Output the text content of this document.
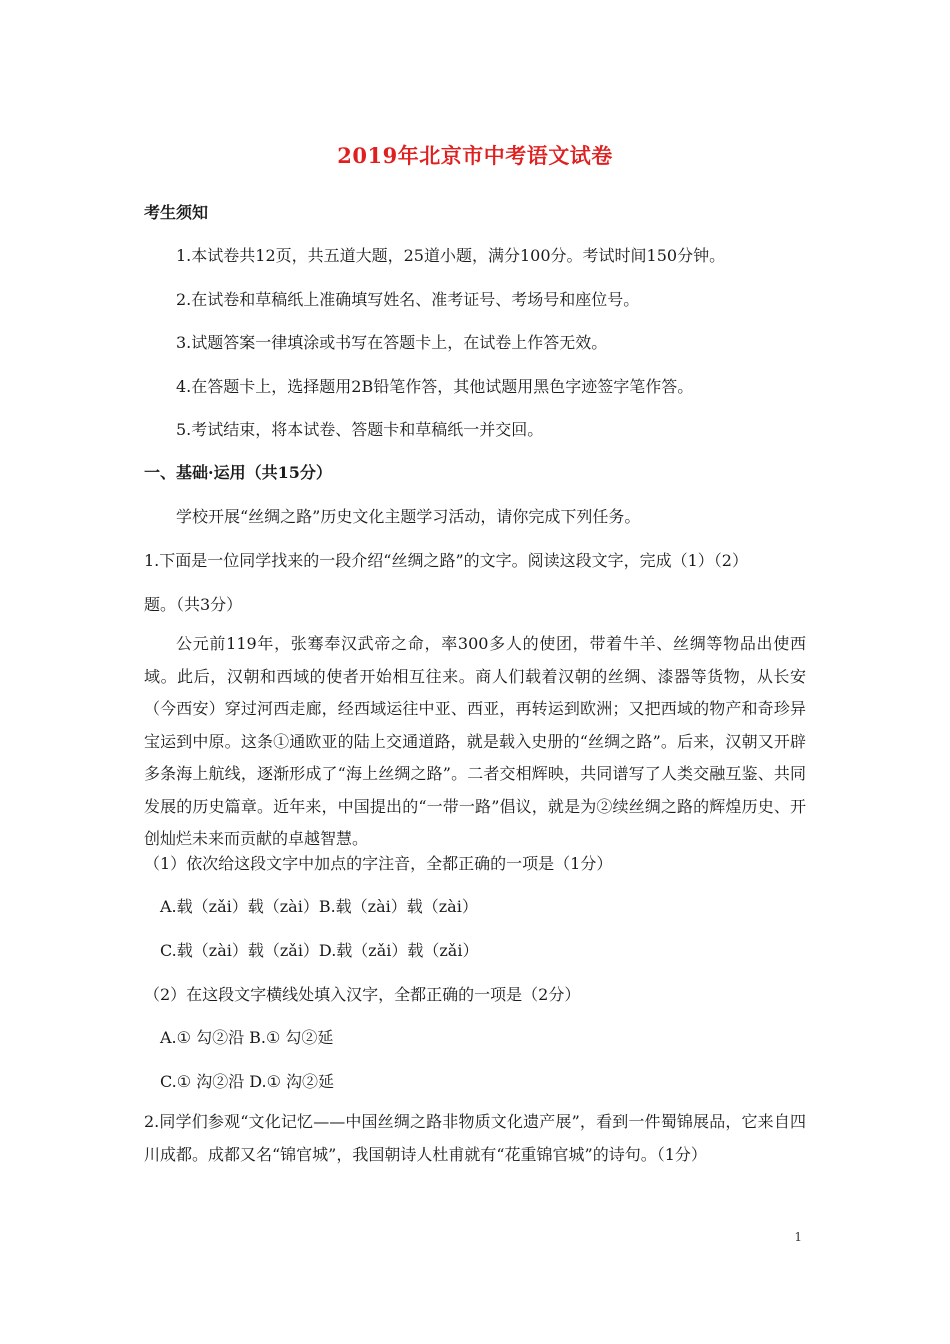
2019年北京市中考语文试卷
考生须知
1.本试卷共12页，共五道大题，25道小题，满分100分。考试时间150分钟。
2.在试卷和草稿纸上准确填写姓名、准考证号、考场号和座位号。
3.试题答案一律填涂或书写在答题卡上，在试卷上作答无效。
4.在答题卡上，选择题用2B铅笔作答，其他试题用黑色字迹签字笔作答。
5.考试结束，将本试卷、答题卡和草稿纸一并交回。
一、基础·运用（共15分）
学校开展“丝绸之路”历史文化主题学习活动，请你完成下列任务。
1.下面是一位同学找来的一段介绍“丝绸之路”的文字。阅读这段文字，完成（1）（2）
题。（共3分）
公元前119年，张骞奉汉武帝之命，率300多人的使团，带着牛羊、丝绸等物品出使西域。此后，汉朝和西域的使者开始相互往来。商人们载着汉朝的丝绸、漆器等货物，从长安（今西安）穿过河西走廊，经西域运往中亚、西亚，再转运到欧洲；又把西域的物产和奇珍异宝运到中原。这条①通欧亚的陆上交通道路，就是载入史册的“丝绸之路”。后来，汉朝又开辟多条海上航线，逐渐形成了“海上丝绸之路”。二者交相辉映，共同谱写了人类交融互鉴、共同发展的历史篇章。近年来，中国提出的“一带一路”倡议，就是为②续丝绸之路的辉煌历史、开创灿烂未来而贡献的卓越智慧。
（1）依次给这段文字中加点的字注音，全都正确的一项是（1分）
A.载（zǎi）载（zài）B.载（zài）载（zài）
C.载（zài）载（zǎi）D.载（zǎi）载（zǎi）
（2）在这段文字横线处填入汉字，全都正确的一项是（2分）
A.① 勾②沿 B.① 勾②延
C.① 沟②沿 D.① 沟②延
2.同学们参观“文化记忆——中国丝绸之路非物质文化遗产展”，看到一件蜀锦展品，它来自四川成都。成都又名“锦官城”，我国朝诗人杜甫就有“花重锦官城”的诗句。（1分）
1
